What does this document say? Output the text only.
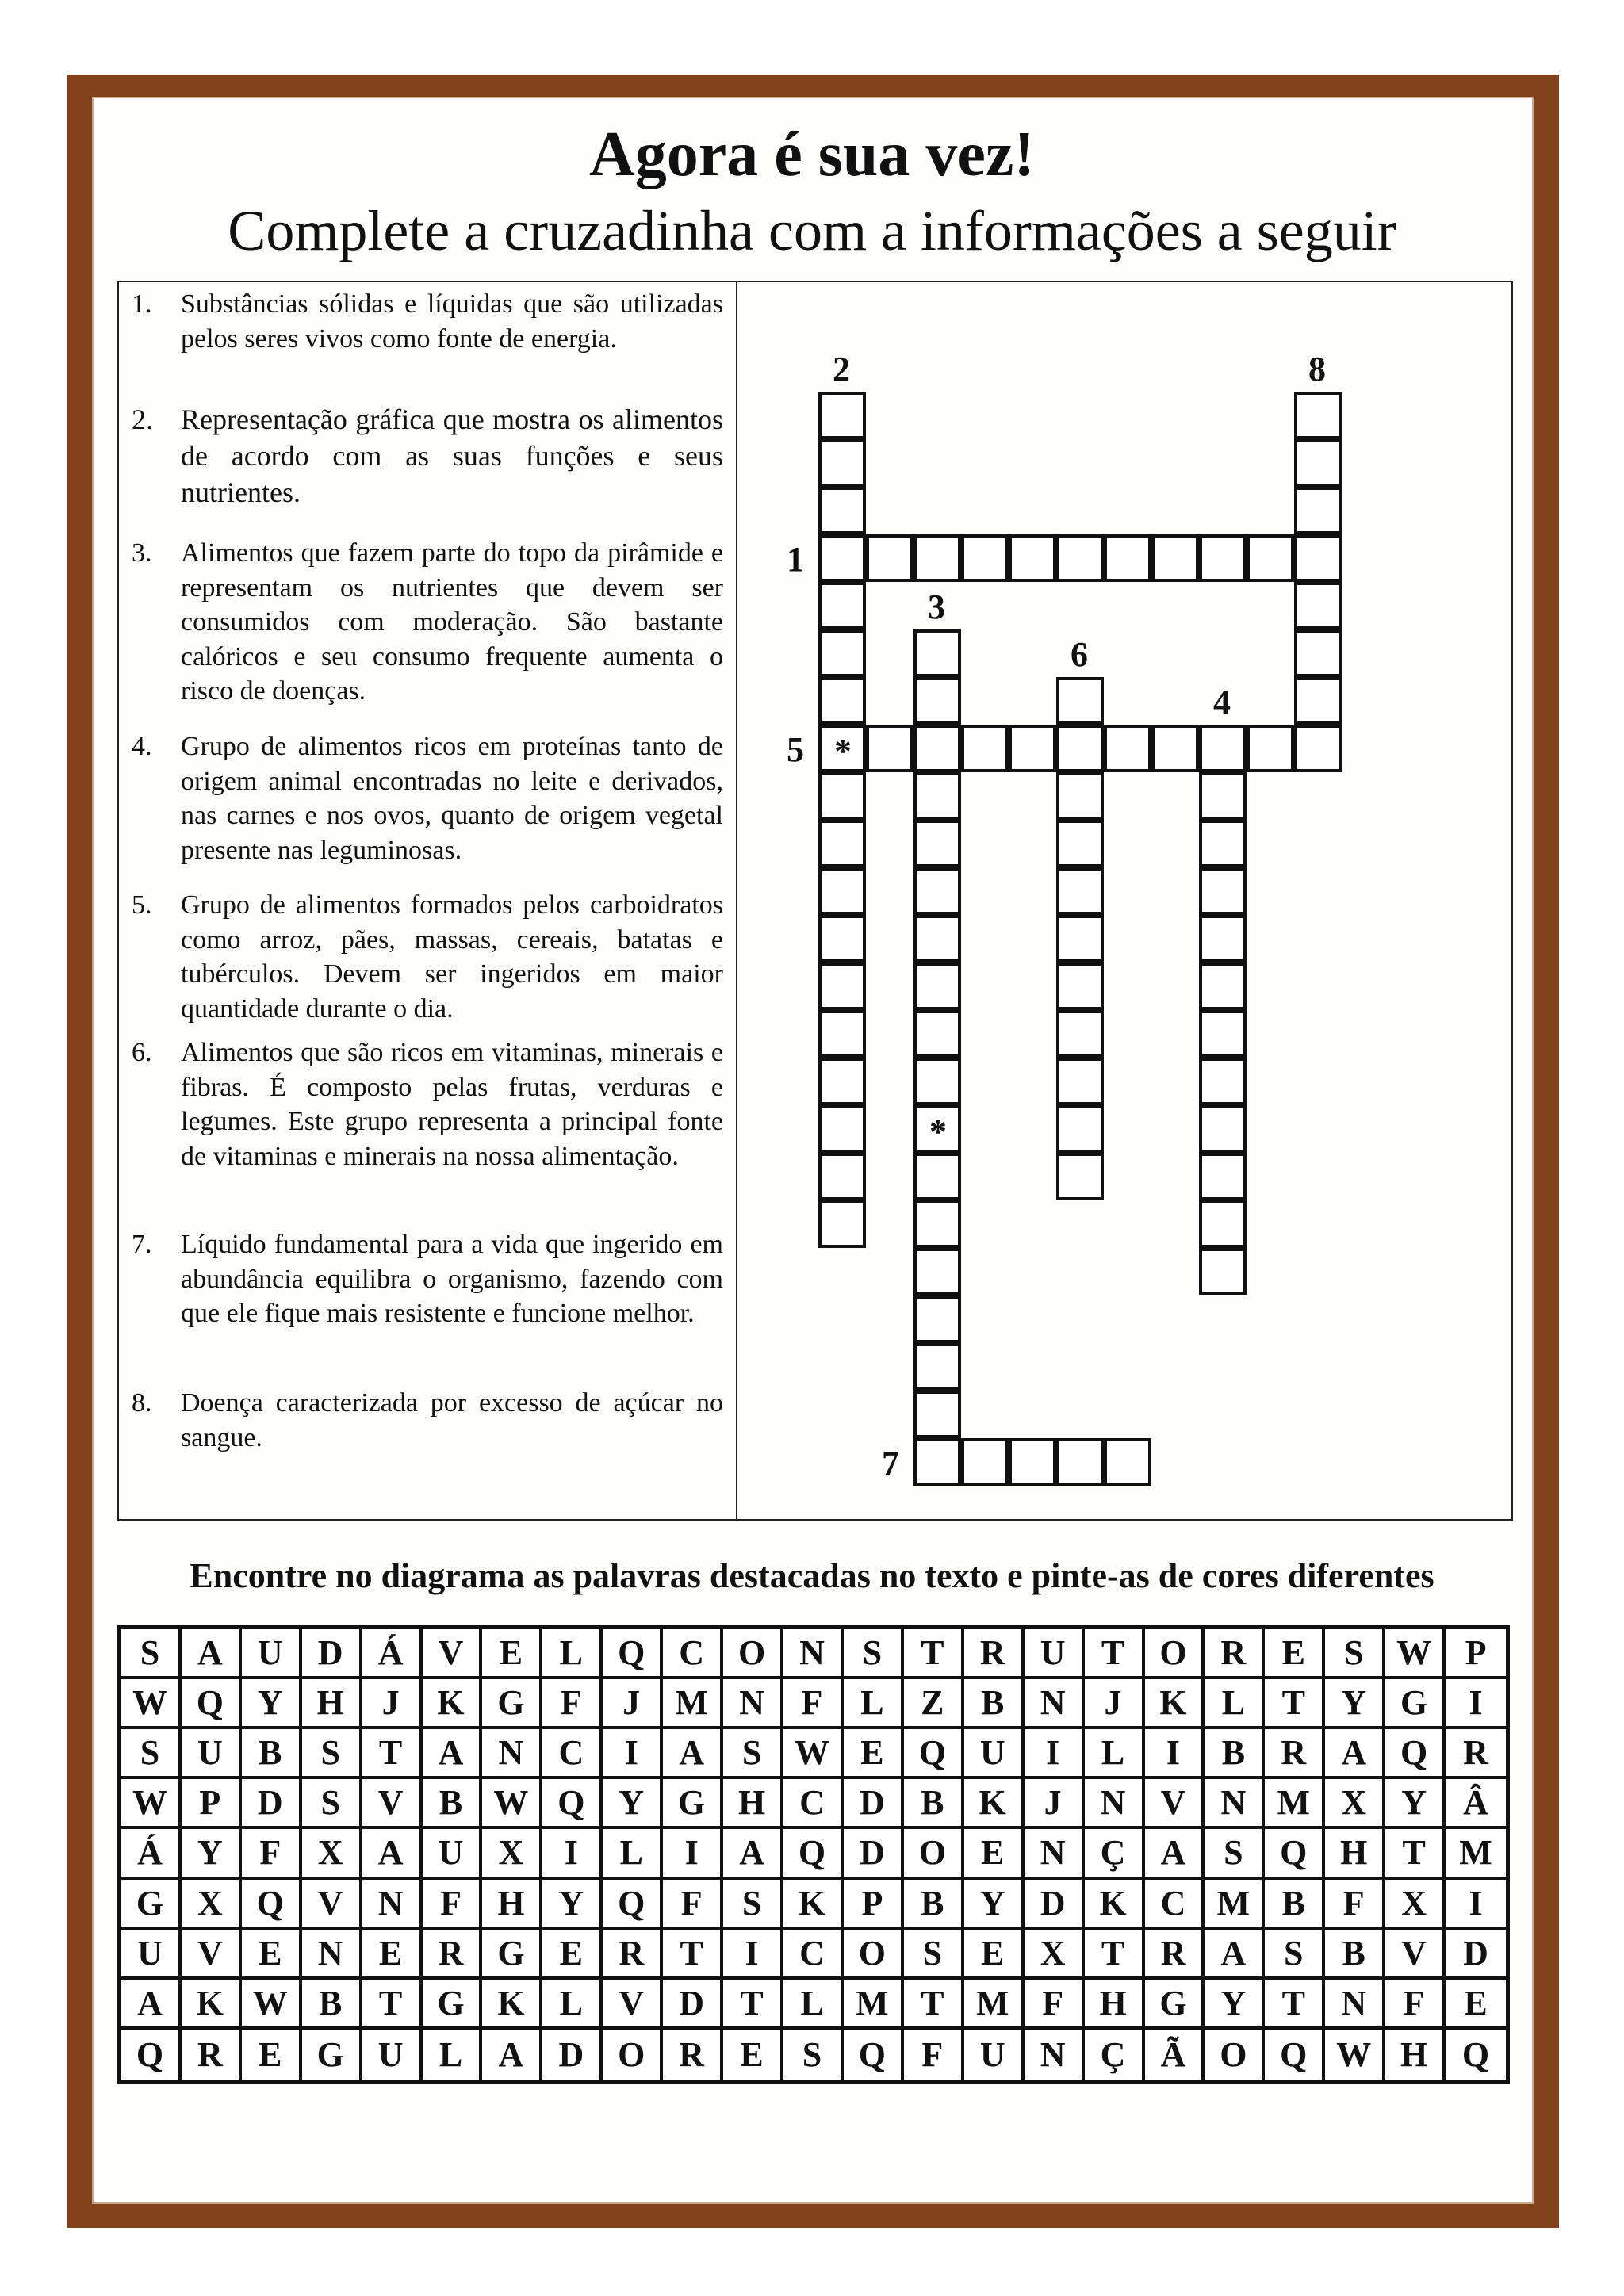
Agora é sua vez!
Complete a cruzadinha com a informações a seguir
1. Substâncias sólidas e líquidas que são utilizadas pelos seres vivos como fonte de energia.
2. Representação gráfica que mostra os alimentos de acordo com as suas funções e seus nutrientes.
3. Alimentos que fazem parte do topo da pirâmide e representam os nutrientes que devem ser consumidos com moderação. São bastante calóricos e seu consumo frequente aumenta o risco de doenças.
4. Grupo de alimentos ricos em proteínas tanto de origem animal encontradas no leite e derivados, nas carnes e nos ovos, quanto de origem vegetal presente nas leguminosas.
5. Grupo de alimentos formados pelos carboidratos como arroz, pães, massas, cereais, batatas e tubérculos. Devem ser ingeridos em maior quantidade durante o dia.
6. Alimentos que são ricos em vitaminas, minerais e fibras. É composto pelas frutas, verduras e legumes. Este grupo representa a principal fonte de vitaminas e minerais na nossa alimentação.
7. Líquido fundamental para a vida que ingerido em abundância equilibra o organismo, fazendo com que ele fique mais resistente e funcione melhor.
8. Doença caracterizada por excesso de açúcar no sangue.
1
2
3
4
5
6
7
8
*
*
Encontre no diagrama as palavras destacadas no texto e pinte-as de cores diferentes
S	A	U	D	Á	V	E	L	Q C O N	S	T	R	U	T	O R	E	S W P
W Q Y H	J	K G	F	J	M N	F	L	Z	B	N	J	K	L	T	Y G	I
S	U	B	S	T	A	N	C	I	A	S W E	Q U	I	L	I	B	R	A Q	R
W P	D	S	V	B W Q Y G H C	D	B	K	J	N	V	N M X	Y	Â
Á	Y	F	X	A	U	X	I	L	I	A Q D O	E	N	Ç	A	S	Q H	T M
G X Q V	N	F	H Y Q	F	S	K	P	B	Y	D K C M B	F	X	I
U	V	E	N	E	R G	E	R	T	I	C O	S	E	X	T	R	A	S	B	V	D
A K W B	T	G K	L	V	D	T	L M T M F	H G Y	T	N	F	E
Q R	E	G U	L	A	D O R	E	S	Q	F	U	N	Ç	Ã O Q W H Q
